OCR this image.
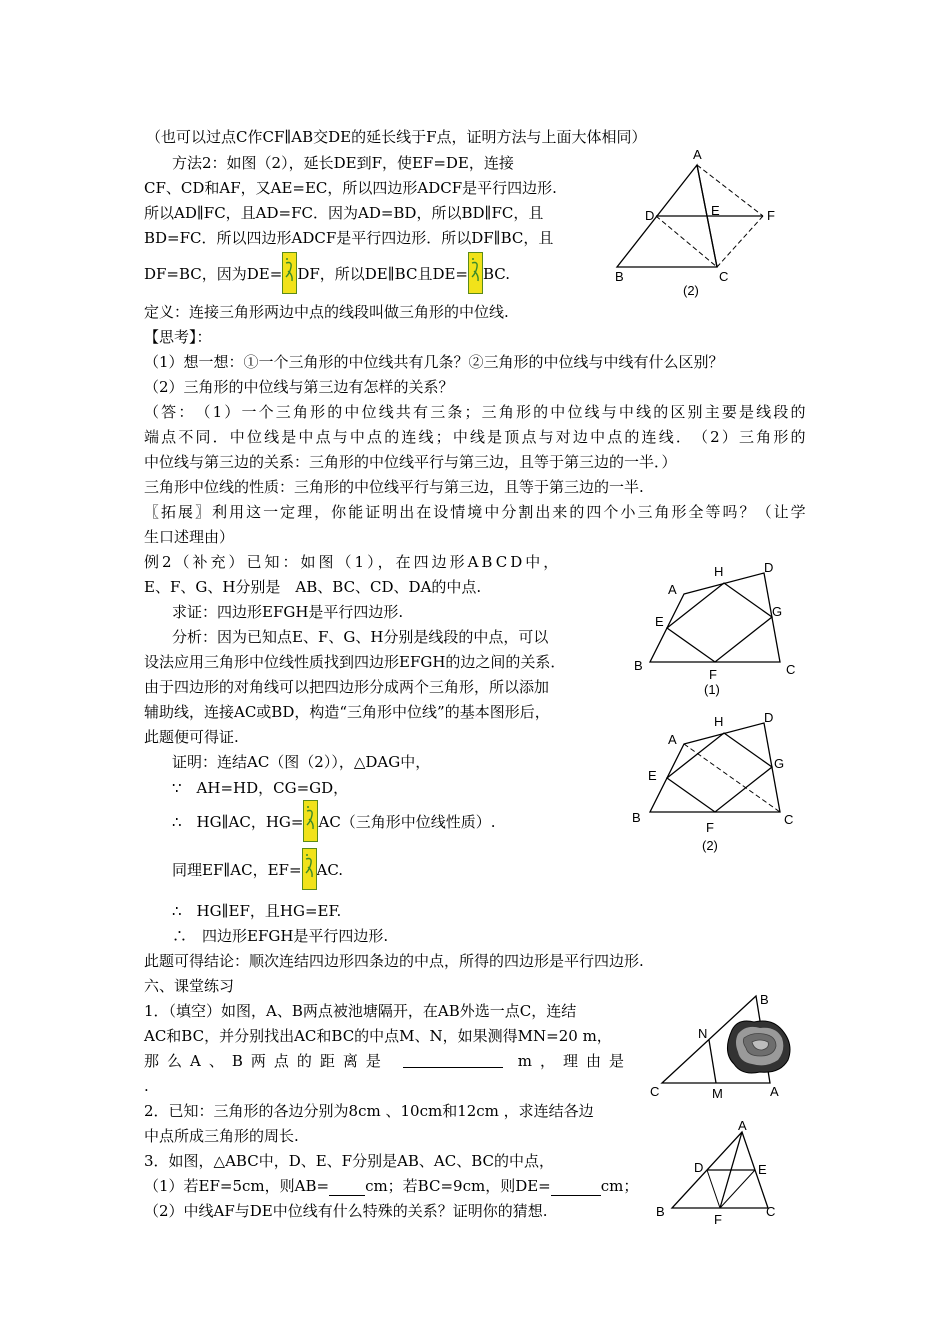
（也可以过点C作CF∥AB交DE的延长线于F点，证明方法与上面大体相同）
方法2：如图（2），延长DE到F，使EF=DE，连接
CF、CD和AF，又AE=EC，所以四边形ADCF是平行四边形.
所以AD∥FC，且AD=FC．因为AD=BD，所以BD∥FC，且
BD=FC．所以四边形ADCF是平行四边形．所以DF∥BC，且
DF=BC，因为DE= DF，所以DE∥BC且DE= BC.
定义：连接三角形两边中点的线段叫做三角形的中位线.
【思考】：
（1）想一想：①一个三角形的中位线共有几条？②三角形的中位线与中线有什么区别？
（2）三角形的中位线与第三边有怎样的关系？
（ 答 ： （ 1 ） 一 个 三 角 形 的 中 位 线 共 有 三 条 ； 三 角 形 的 中 位 线 与 中 线 的 区 别 主 要 是 线 段 的
端 点 不 同 ． 中 位 线 是 中 点 与 中 点 的 连 线 ； 中 线 是 顶 点 与 对 边 中 点 的 连 线 ． （ 2 ） 三 角 形 的
中位线与第三边的关系：三角形的中位线平行与第三边，且等于第三边的一半．）
三角形中位线的性质：三角形的中位线平行与第三边，且等于第三边的一半.
〖 拓 展 〗 利 用 这 一 定 理 ， 你 能 证 明 出 在 设 情 境 中 分 割 出 来 的 四 个 小 三 角 形 全 等 吗 ？ （ 让 学
生口述理由）
例2（补充）已知：如图（1），在四边形ABCD中，
E、F、G、H分别是　AB、BC、CD、DA的中点.
求证：四边形EFGH是平行四边形.
分析：因为已知点E、F、G、H分别是线段的中点，可以
设法应用三角形中位线性质找到四边形EFGH的边之间的关系．
由于四边形的对角线可以把四边形分成两个三角形，所以添加
辅助线，连接AC或BD，构造“三角形中位线”的基本图形后，
此题便可得证.
证明：连结AC（图（2）），△DAG中，
∵　AH=HD，CG=GD，
∴　HG∥AC，HG= AC（三角形中位线性质）.
同理EF∥AC，EF= AC.
∴　HG∥EF，且HG=EF.
∴　四边形EFGH是平行四边形.
此题可得结论：顺次连结四边形四条边的中点，所得的四边形是平行四边形.
六、课堂练习
1．（填空）如图，A、B两点被池塘隔开，在AB外选一点C，连结
AC和BC，并分别找出AC和BC的中点M、N，如果测得MN=20 m，
那么A、B两点的距离是	m，理由是
.
2．已知：三角形的各边分别为8cm 、10cm和12cm ，求连结各边
中点所成三角形的周长.
3．如图，△ABC中，D、E、F分别是AB、AC、BC的中点，
（1）若EF=5cm，则AB= cm；若BC=9cm，则DE=	cm；
（2）中线AF与DE中位线有什么特殊的关系？证明你的猜想.
A
D	E	F
B	C
(2)
A
H	D
E
G
B
F	C
(1)
A
H	D
E
G
B
F
C
(2)
B
N
C	M	A
A
D	E
B
F
C
